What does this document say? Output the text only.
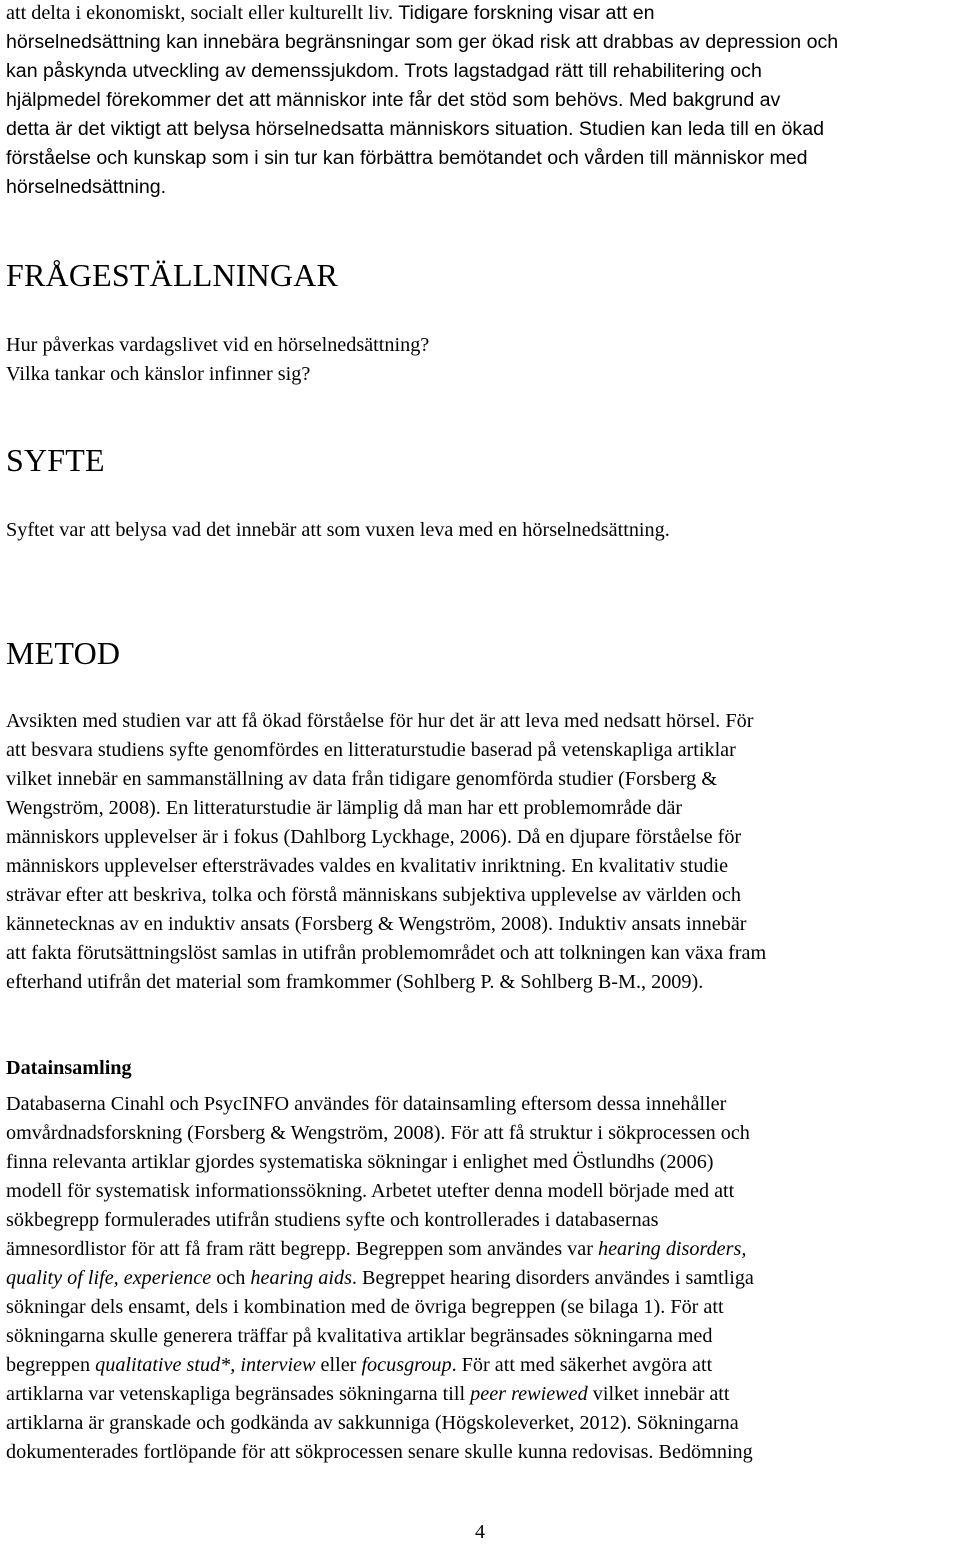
att delta i ekonomiskt, socialt eller kulturellt liv. Tidigare forskning visar att en
hörselnedsättning kan innebära begränsningar som ger ökad risk att drabbas av depression och
kan påskynda utveckling av demenssjukdom. Trots lagstadgad rätt till rehabilitering och
hjälpmedel förekommer det att människor inte får det stöd som behövs. Med bakgrund av
detta är det viktigt att belysa hörselnedsatta människors situation. Studien kan leda till en ökad
förståelse och kunskap som i sin tur kan förbättra bemötandet och vården till människor med
hörselnedsättning.
FRÅGESTÄLLNINGAR
Hur påverkas vardagslivet vid en hörselnedsättning?
Vilka tankar och känslor infinner sig?
SYFTE

Syftet var att belysa vad det innebär att som vuxen leva med en hörselnedsättning.

METOD
Avsikten med studien var att få ökad förståelse för hur det är att leva med nedsatt hörsel. För
att besvara studiens syfte genomfördes en litteraturstudie baserad på vetenskapliga artiklar
vilket innebär en sammanställning av data från tidigare genomförda studier (Forsberg &
Wengström, 2008). En litteraturstudie är lämplig då man har ett problemområde där
människors upplevelser är i fokus (Dahlborg Lyckhage, 2006). Då en djupare förståelse för
människors upplevelser eftersträvades valdes en kvalitativ inriktning. En kvalitativ studie
strävar efter att beskriva, tolka och förstå människans subjektiva upplevelse av världen och
kännetecknas av en induktiv ansats (Forsberg & Wengström, 2008). Induktiv ansats innebär
att fakta förutsättningslöst samlas in utifrån problemområdet och att tolkningen kan växa fram
efterhand utifrån det material som framkommer (Sohlberg P. & Sohlberg B-M., 2009).
Datainsamling
Databaserna Cinahl och PsycINFO användes för datainsamling eftersom dessa innehåller
omvårdnadsforskning (Forsberg & Wengström, 2008). För att få struktur i sökprocessen och
finna relevanta artiklar gjordes systematiska sökningar i enlighet med Östlundhs (2006)
modell för systematisk informationssökning. Arbetet utefter denna modell började med att
sökbegrepp formulerades utifrån studiens syfte och kontrollerades i databasernas
ämnesordlistor för att få fram rätt begrepp. Begreppen som användes var hearing disorders,
quality of life, experience och hearing aids. Begreppet hearing disorders användes i samtliga
sökningar dels ensamt, dels i kombination med de övriga begreppen (se bilaga 1). För att
sökningarna skulle generera träffar på kvalitativa artiklar begränsades sökningarna med
begreppen qualitative stud*, interview eller focusgroup. För att med säkerhet avgöra att
artiklarna var vetenskapliga begränsades sökningarna till peer rewiewed vilket innebär att
artiklarna är granskade och godkända av sakkunniga (Högskoleverket, 2012). Sökningarna
dokumenterades fortlöpande för att sökprocessen senare skulle kunna redovisas. Bedömning
4
